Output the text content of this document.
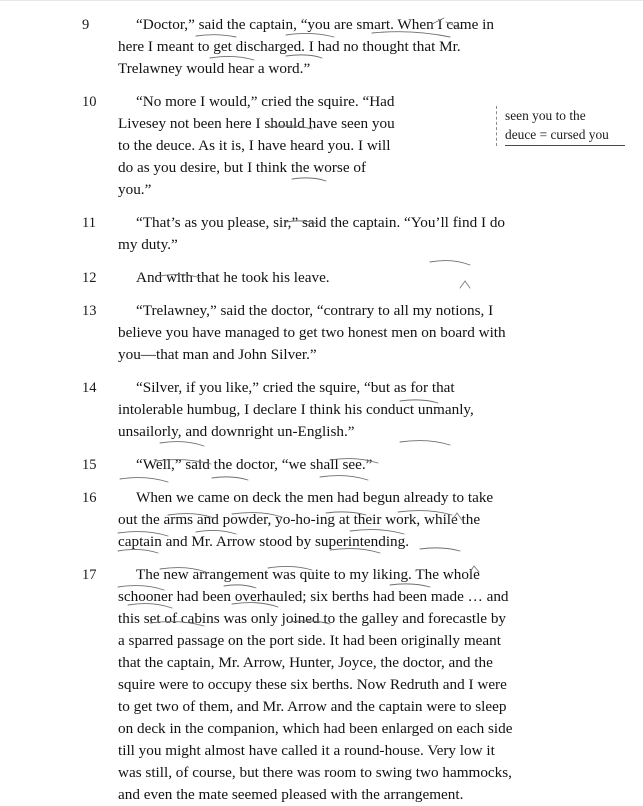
9	“Doctor,” said the captain, “you are smart. When I came in here I meant to get discharged. I had no thought that Mr. Trelawney would hear a word.”
10	“No more I would,” cried the squire. “Had Livesey not been here I should have seen you to the deuce. As it is, I have heard you. I will do as you desire, but I think the worse of you.”
11	“That’s as you please, sir,” said the captain. “You’ll find I do my duty.”
12	And with that he took his leave.
13	“Trelawney,” said the doctor, “contrary to all my notions, I believe you have managed to get two honest men on board with you—that man and John Silver.”
14	“Silver, if you like,” cried the squire, “but as for that intolerable humbug, I declare I think his conduct unmanly, unsailorly, and downright un-English.”
15	“Well,” said the doctor, “we shall see.”
16	When we came on deck the men had begun already to take out the arms and powder, yo-ho-ing at their work, while the captain and Mr. Arrow stood by superintending.
17	The new arrangement was quite to my liking. The whole schooner had been overhauled; six berths had been made … and this set of cabins was only joined to the galley and forecastle by a sparred passage on the port side. It had been originally meant that the captain, Mr. Arrow, Hunter, Joyce, the doctor, and the squire were to occupy these six berths. Now Redruth and I were to get two of them, and Mr. Arrow and the captain were to sleep on deck in the companion, which had been enlarged on each side till you might almost have called it a round-house. Very low it was still, of course, but there was room to swing two hammocks, and even the mate seemed pleased with the arrangement.
seen you to the
deuce = cursed you
